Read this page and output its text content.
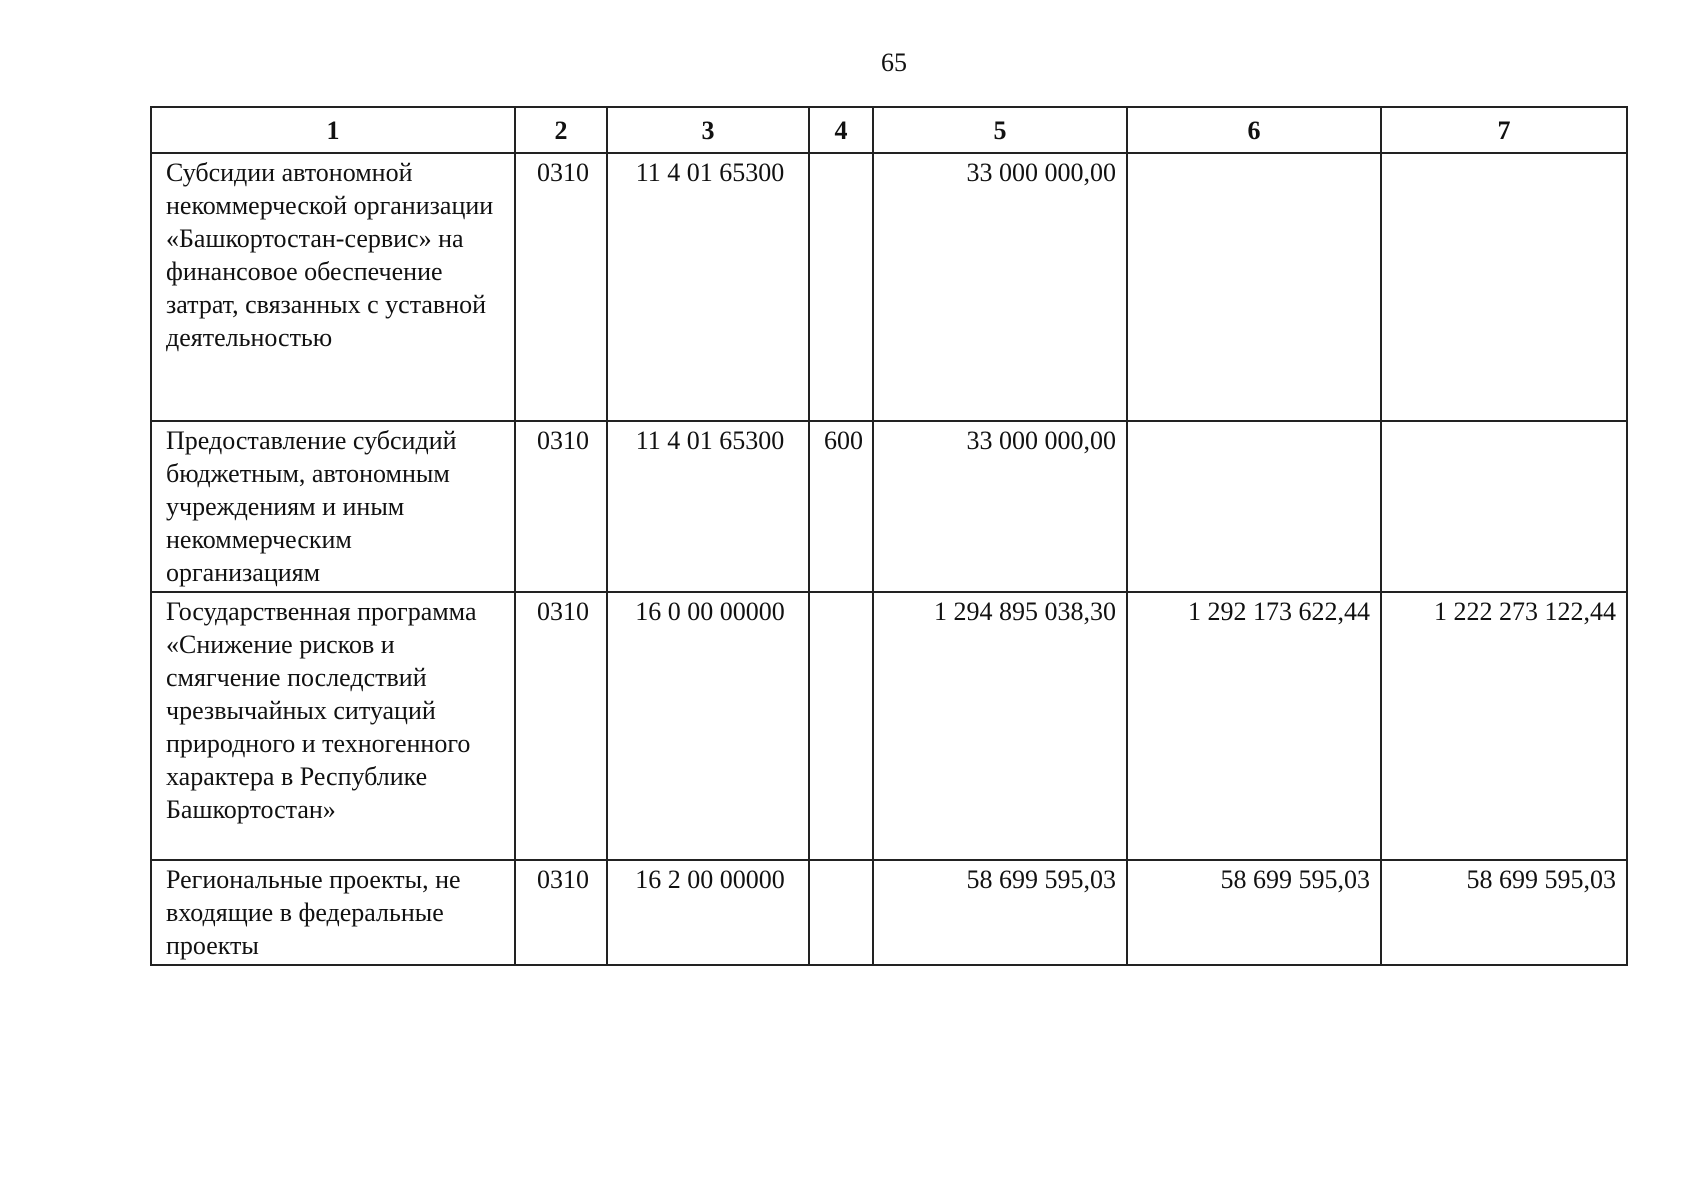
65
1	2	3	4	5	6	7
Субсидии автономной некоммерческой организации «Башкортостан-сервис» на финансовое обеспечение затрат, связанных с уставной деятельностью	0310	11 4 01 65300		33 000 000,00		
Предоставление субсидий бюджетным, автономным учреждениям и иным некоммерческим организациям	0310	11 4 01 65300	600	33 000 000,00		
Государственная программа «Снижение рисков и смягчение последствий чрезвычайных ситуаций природного и техногенного характера в Республике Башкортостан»	0310	16 0 00 00000		1 294 895 038,30	1 292 173 622,44	1 222 273 122,44
Региональные проекты, не входящие в федеральные проекты	0310	16 2 00 00000		58 699 595,03	58 699 595,03	58 699 595,03
